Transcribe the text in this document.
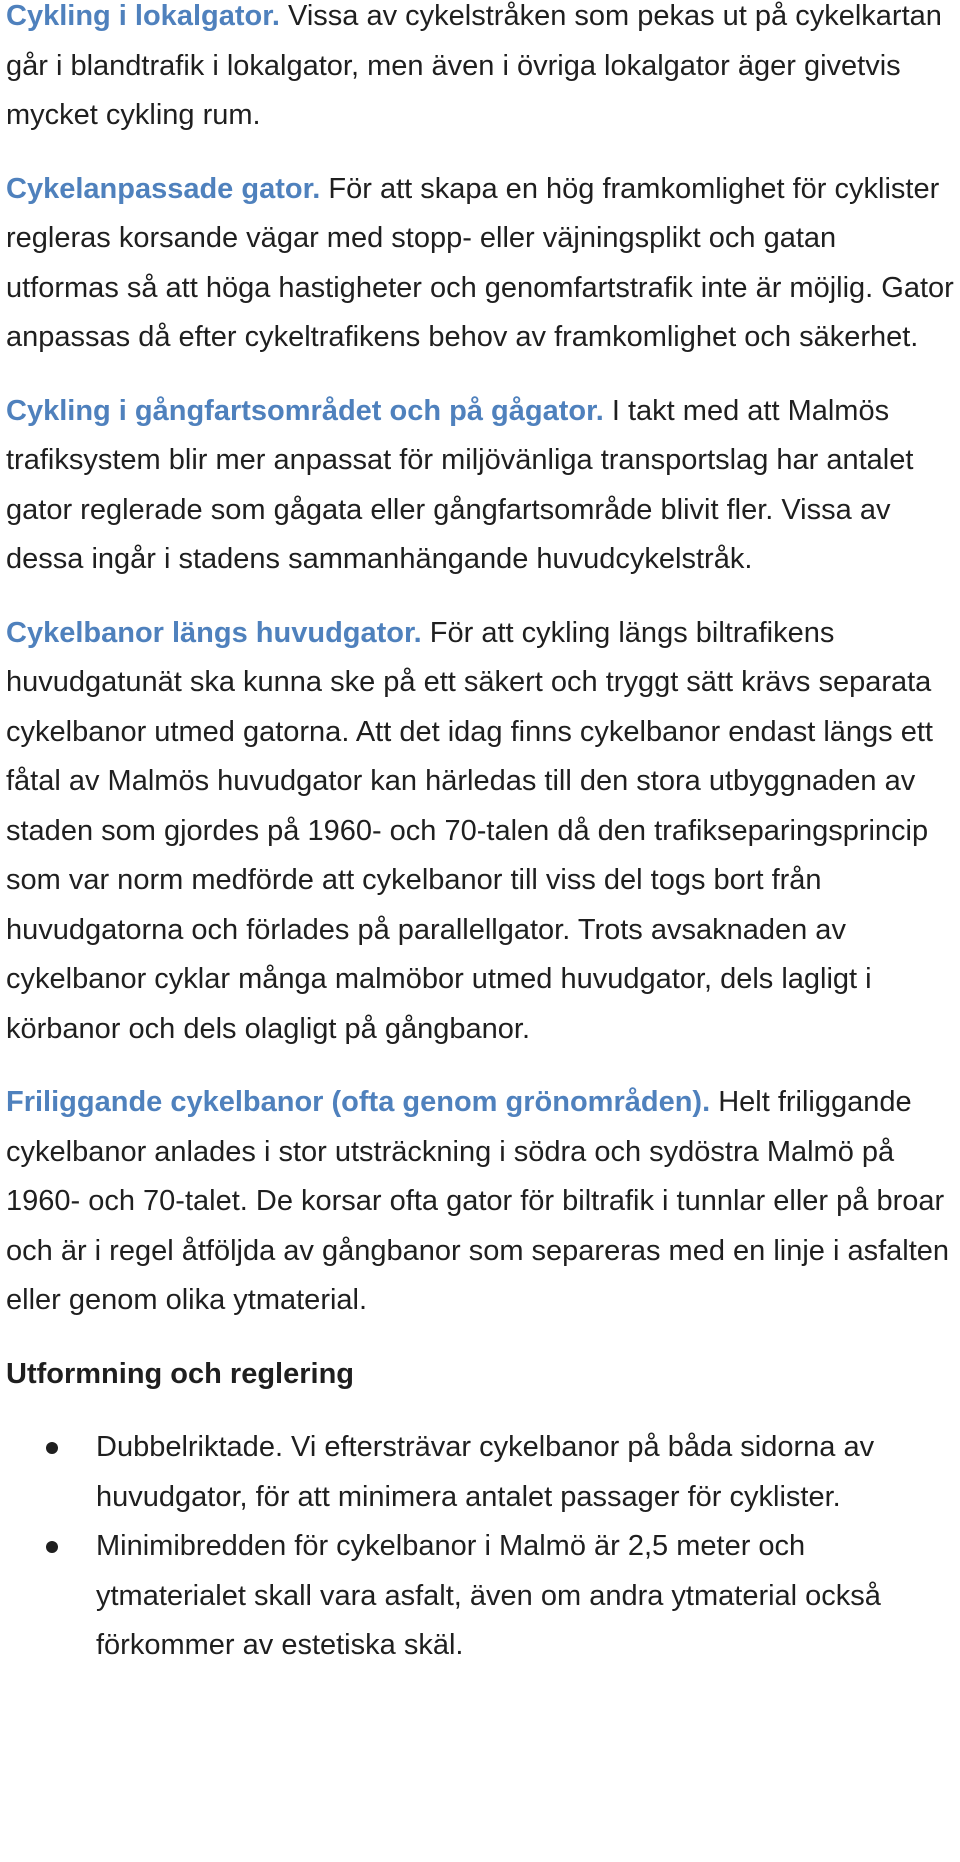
Cykling i lokalgator. Vissa av cykelstråken som pekas ut på cykelkartan går i blandtrafik i lokalgator, men även i övriga lokalgator äger givetvis mycket cykling rum.

Cykelanpassade gator. För att skapa en hög framkomlighet för cyklister regleras korsande vägar med stopp- eller väjningsplikt och gatan utformas så att höga hastigheter och genomfartstrafik inte är möjlig. Gator anpassas då efter cykeltrafikens behov av framkomlighet och säkerhet.

Cykling i gångfartsområdet och på gågator. I takt med att Malmös trafiksystem blir mer anpassat för miljövänliga transportslag har antalet gator reglerade som gågata eller gångfartsområde blivit fler. Vissa av dessa ingår i stadens sammanhängande huvudcykelstråk.

Cykelbanor längs huvudgator. För att cykling längs biltrafikens huvudgatunät ska kunna ske på ett säkert och tryggt sätt krävs separata cykelbanor utmed gatorna. Att det idag finns cykelbanor endast längs ett fåtal av Malmös huvudgator kan härledas till den stora utbyggnaden av staden som gjordes på 1960- och 70-talen då den trafikseparingsprincip som var norm medförde att cykelbanor till viss del togs bort från huvudgatorna och förlades på parallellgator. Trots avsaknaden av cykelbanor cyklar många malmöbor utmed huvudgator, dels lagligt i körbanor och dels olagligt på gångbanor.

Friliggande cykelbanor (ofta genom grönområden). Helt friliggande cykelbanor anlades i stor utsträckning i södra och sydöstra Malmö på 1960- och 70-talet. De korsar ofta gator för biltrafik i tunnlar eller på broar och är i regel åtföljda av gångbanor som separeras med en linje i asfalten eller genom olika ytmaterial.

Utformning och reglering

Dubbelriktade. Vi eftersträvar cykelbanor på båda sidorna av huvudgator, för att minimera antalet passager för cyklister.
Minimibredden för cykelbanor i Malmö är 2,5 meter och ytmaterialet skall vara asfalt, även om andra ytmaterial också förkommer av estetiska skäl.
